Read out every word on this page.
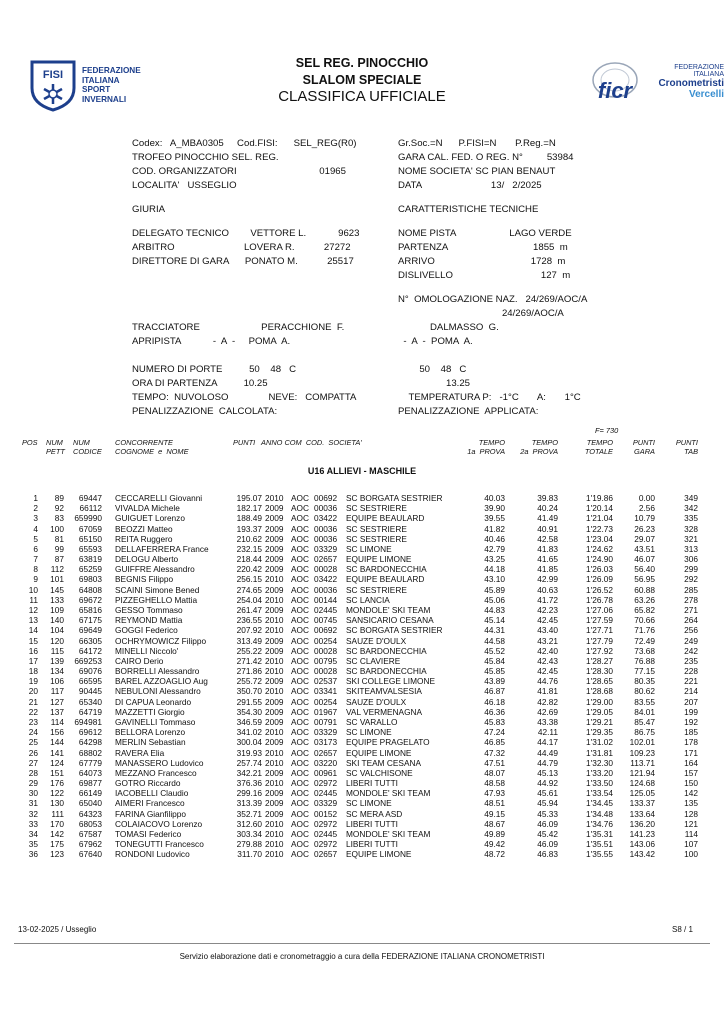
FISI FEDERAZIONE
ITALIANA
SPORT
INVERNALI
SEL REG. PINOCCHIO
SLALOM SPECIALE
CLASSIFICA UFFICIALE	ficr
FEDERAZIONE ITALIANA
Cronometristi
Vercelli
Codex:   A_MBA0305     Cod.FISI:      SEL_REG(R0)	Gr.Soc.=N      P.FISI=N       P.Reg.=N
TROFEO PINOCCHIO SEL. REG.	GARA CAL. FED. O REG. N°         53984
COD. ORGANIZZATORI                               01965	NOME SOCIETA' SC PIAN BENAUT
LOCALITA'   USSEGLIO	DATA                          13/   2/2025
GIURIA	CARATTERISTICHE TECNICHE
DELEGATO TECNICO        VETTORE L.            9623	NOME PISTA                    LAGO VERDE
ARBITRO                          LOVERA R.           27272	PARTENZA                                1855  m
DIRETTORE DI GARA      PONATO M.           25517	ARRIVO                                    1728  m
DISLIVELLO                                 127  m
N°  OMOLOGAZIONE NAZ.   24/269/AOC/A
24/269/AOC/A
TRACCIATORE                       PERACCHIONE  F.	DALMASSO  G.
APRIPISTA            -  A  -     POMA  A.	-  A  -  POMA  A.
NUMERO DI PORTE          50    48   C	50    48   C
ORA DI PARTENZA          10.25	13.25
TEMPO:  NUVOLOSO               NEVE:   COMPATTA	TEMPERATURA P:   -1°C       A:       1°C
PENALIZZAZIONE  CALCOLATA:	PENALIZZAZIONE  APPLICATA:
F= 730
POS NUM
PETT
NUM
CODICE
CONCORRENTE
COGNOME  e  NOME
PUNTI   ANNO COM  COD.  SOCIETA'	TEMPO
1a  PROVA
TEMPO
2a  PROVA
TEMPO
TOTALE
PUNTI
GARA
PUNTI
TAB
U16 ALLIEVI - MASCHILE
1	89	69447 CECCARELLI Giovanni	195.07 2010 AOC 00692	SC BORGATA SESTRIER	40.03	39.83	1'19.86	0.00	349
2	92	66112 VIVALDA Michele	182.17 2009 AOC 00036	SC SESTRIERE	39.90	40.24	1'20.14	2.56	342
3	83	659990 GUIGUET Lorenzo	188.49 2009 AOC 03422	EQUIPE BEAULARD	39.55	41.49	1'21.04	10.79	335
4	100	67059 BEOZZI Matteo	193.37 2009 AOC 00036	SC SESTRIERE	41.82	40.91	1'22.73	26.23	328
5	81	65150 REITA Ruggero	210.62 2009 AOC 00036	SC SESTRIERE	40.46	42.58	1'23.04	29.07	321
6	99	65593 DELLAFERRERA France	232.15 2009 AOC 03329	SC LIMONE	42.79	41.83	1'24.62	43.51	313
7	87	63819 DELOGU Alberto	218.44 2009 AOC 02657	EQUIPE LIMONE	43.25	41.65	1'24.90	46.07	306
8	112	65259 GUIFFRE Alessandro	220.42 2009 AOC 00028	SC BARDONECCHIA	44.18	41.85	1'26.03	56.40	299
9	101	69803 BEGNIS Filippo	256.15 2010 AOC 03422	EQUIPE BEAULARD	43.10	42.99	1'26.09	56.95	292
10	145	64808 SCAINI Simone Bened	274.65 2009 AOC 00036	SC SESTRIERE	45.89	40.63	1'26.52	60.88	285
11	133	69672 PIZZEGHELLO Mattia	254.04 2010 AOC 00144	SC LANCIA	45.06	41.72	1'26.78	63.26	278
12	109	65816 GESSO Tommaso	261.47 2009 AOC 02445	MONDOLE' SKI TEAM	44.83	42.23	1'27.06	65.82	271
13	140	67175 REYMOND Mattia	236.55 2010 AOC 00745	SANSICARIO CESANA	45.14	42.45	1'27.59	70.66	264
14	104	69649 GOGGI Federico	207.92 2010 AOC 00692	SC BORGATA SESTRIER	44.31	43.40	1'27.71	71.76	256
15	120	66305 OCHRYMOWICZ Filippo	313.49 2009 AOC 00254	SAUZE D'OULX	44.58	43.21	1'27.79	72.49	249
16	115	64172 MINELLI Niccolo'	255.22 2009 AOC 00028	SC BARDONECCHIA	45.52	42.40	1'27.92	73.68	242
17	139	669253 CAIRO Derio	271.42 2010 AOC 00795	SC CLAVIERE	45.84	42.43	1'28.27	76.88	235
18	134	69076 BORRELLI Alessandro	271.86 2010 AOC 00028	SC BARDONECCHIA	45.85	42.45	1'28.30	77.15	228
19	106	66595 BAREL AZZOAGLIO Aug	255.72 2009 AOC 02537	SKI COLLEGE LIMONE	43.89	44.76	1'28.65	80.35	221
20	117	90445 NEBULONI Alessandro	350.70 2010 AOC 03341	SKITEAMVALSESIA	46.87	41.81	1'28.68	80.62	214
21	127	65340 DI CAPUA Leonardo	291.55 2009 AOC 00254	SAUZE D'OULX	46.18	42.82	1'29.00	83.55	207
22	137	64719 MAZZETTI Giorgio	354.30 2009 AOC 01967	VAL VERMENAGNA	46.36	42.69	1'29.05	84.01	199
23	114	694981 GAVINELLI Tommaso	346.59 2009 AOC 00791	SC VARALLO	45.83	43.38	1'29.21	85.47	192
24	156	69612 BELLORA Lorenzo	341.02 2010 AOC 03329	SC LIMONE	47.24	42.11	1'29.35	86.75	185
25	144	64298 MERLIN Sebastian	300.04 2009 AOC 03173	EQUIPE PRAGELATO	46.85	44.17	1'31.02	102.01	178
26	141	68802 RAVERA Elia	319.93 2010 AOC 02657	EQUIPE LIMONE	47.32	44.49	1'31.81	109.23	171
27	124	67779 MANASSERO Ludovico	257.74 2010 AOC 03220	SKI TEAM CESANA	47.51	44.79	1'32.30	113.71	164
28	151	64073 MEZZANO Francesco	342.21 2009 AOC 00961	SC VALCHISONE	48.07	45.13	1'33.20	121.94	157
29	176	69877 GOTRO Riccardo	376.36 2010 AOC 02972	LIBERI TUTTI	48.58	44.92	1'33.50	124.68	150
30	122	66149 IACOBELLI Claudio	299.16 2009 AOC 02445	MONDOLE' SKI TEAM	47.93	45.61	1'33.54	125.05	142
31	130	65040 AIMERI Francesco	313.39 2009 AOC 03329	SC LIMONE	48.51	45.94	1'34.45	133.37	135
32	111	64323 FARINA Gianfilippo	352.71 2009 AOC 00152	SC MERA ASD	49.15	45.33	1'34.48	133.64	128
33	170	68053 COLAIACOVO Lorenzo	312.60 2010 AOC 02972	LIBERI TUTTI	48.67	46.09	1'34.76	136.20	121
34	142	67587 TOMASI Federico	303.34 2010 AOC 02445	MONDOLE' SKI TEAM	49.89	45.42	1'35.31	141.23	114
35	175	67962 TONEGUTTI Francesco	279.88 2010 AOC 02972	LIBERI TUTTI	49.42	46.09	1'35.51	143.06	107
36	123	67640 RONDONI Ludovico	311.70 2010 AOC 02657	EQUIPE LIMONE	48.72	46.83	1'35.55	143.42	100
13-02-2025 / Usseglio	S8 / 1
Servizio elaborazione dati e cronometraggio a cura della FEDERAZIONE ITALIANA CRONOMETRISTI
